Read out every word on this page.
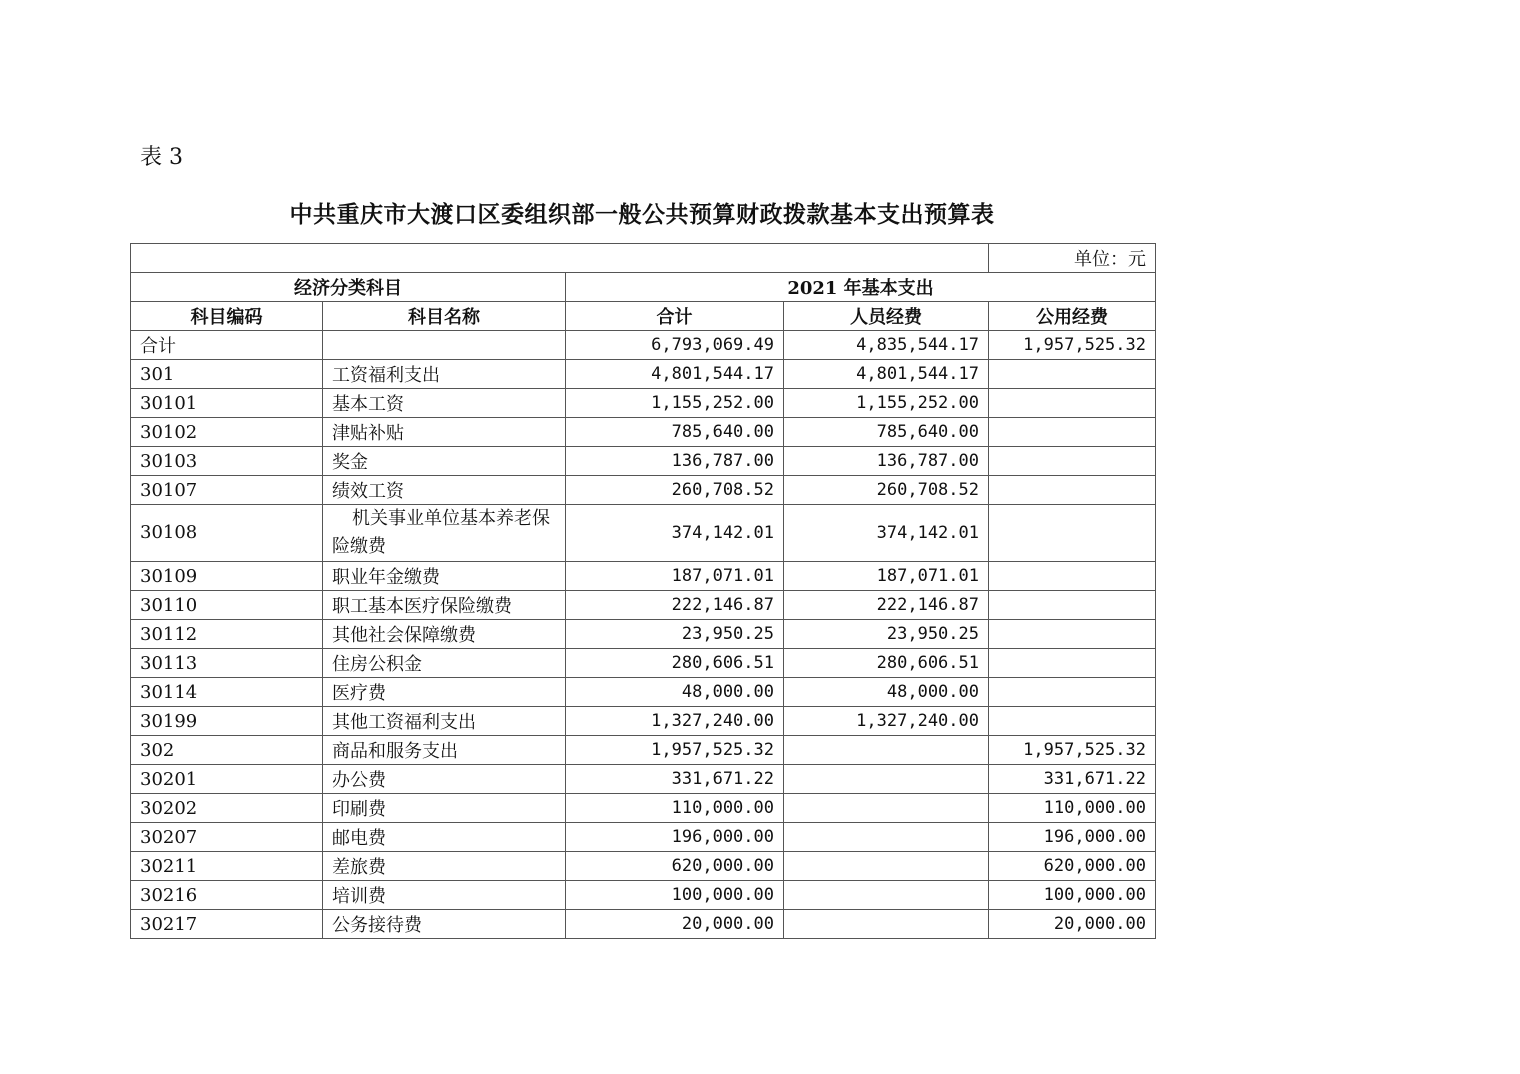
表 3
中共重庆市大渡口区委组织部一般公共预算财政拨款基本支出预算表
				单位：元
经济分类科目		2021 年基本支出		
科目编码	科目名称	合计	人员经费	公用经费
合计		6,793,069.49	4,835,544.17	1,957,525.32
301	工资福利支出	4,801,544.17	4,801,544.17	
30101	基本工资	1,155,252.00	1,155,252.00	
30102	津贴补贴	785,640.00	785,640.00	
30103	奖金	136,787.00	136,787.00	
30107	绩效工资	260,708.52	260,708.52	
30108	机关事业单位基本养老保险缴费	374,142.01	374,142.01	
30109	职业年金缴费	187,071.01	187,071.01	
30110	职工基本医疗保险缴费	222,146.87	222,146.87	
30112	其他社会保障缴费	23,950.25	23,950.25	
30113	住房公积金	280,606.51	280,606.51	
30114	医疗费	48,000.00	48,000.00	
30199	其他工资福利支出	1,327,240.00	1,327,240.00	
302	商品和服务支出	1,957,525.32		1,957,525.32
30201	办公费	331,671.22		331,671.22
30202	印刷费	110,000.00		110,000.00
30207	邮电费	196,000.00		196,000.00
30211	差旅费	620,000.00		620,000.00
30216	培训费	100,000.00		100,000.00
30217	公务接待费	20,000.00		20,000.00
